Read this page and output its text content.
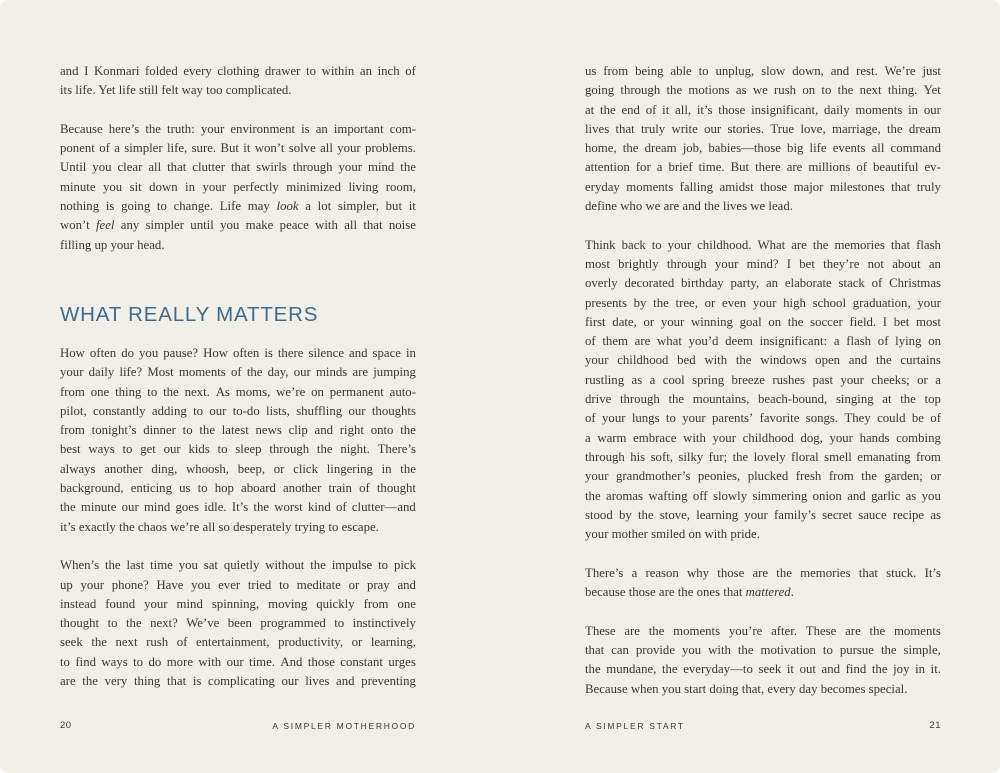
and I Konmari folded every clothing drawer to within an inch of
its life. Yet life still felt way too complicated.
Because here’s the truth: your environment is an important com-
ponent of a simpler life, sure. But it won’t solve all your problems.
Until you clear all that clutter that swirls through your mind the
minute you sit down in your perfectly minimized living room,
nothing is going to change. Life may look a lot simpler, but it
won’t feel any simpler until you make peace with all that noise
filling up your head.
WHAT REALLY MATTERS
How often do you pause? How often is there silence and space in
your daily life? Most moments of the day, our minds are jumping
from one thing to the next. As moms, we’re on permanent auto-
pilot, constantly adding to our to-do lists, shuffling our thoughts
from tonight’s dinner to the latest news clip and right onto the
best ways to get our kids to sleep through the night. There’s
always another ding, whoosh, beep, or click lingering in the
background, enticing us to hop aboard another train of thought
the minute our mind goes idle. It’s the worst kind of clutter—and
it’s exactly the chaos we’re all so desperately trying to escape.
When’s the last time you sat quietly without the impulse to pick
up your phone? Have you ever tried to meditate or pray and
instead found your mind spinning, moving quickly from one
thought to the next? We’ve been programmed to instinctively
seek the next rush of entertainment, productivity, or learning,
to find ways to do more with our time. And those constant urges
are the very thing that is complicating our lives and preventing
us from being able to unplug, slow down, and rest. We’re just
going through the motions as we rush on to the next thing. Yet
at the end of it all, it’s those insignificant, daily moments in our
lives that truly write our stories. True love, marriage, the dream
home, the dream job, babies—those big life events all command
attention for a brief time. But there are millions of beautiful ev-
eryday moments falling amidst those major milestones that truly
define who we are and the lives we lead.
Think back to your childhood. What are the memories that flash
most brightly through your mind? I bet they’re not about an
overly decorated birthday party, an elaborate stack of Christmas
presents by the tree, or even your high school graduation, your
first date, or your winning goal on the soccer field. I bet most
of them are what you’d deem insignificant: a flash of lying on
your childhood bed with the windows open and the curtains
rustling as a cool spring breeze rushes past your cheeks; or a
drive through the mountains, beach-bound, singing at the top
of your lungs to your parents’ favorite songs. They could be of
a warm embrace with your childhood dog, your hands combing
through his soft, silky fur; the lovely floral smell emanating from
your grandmother’s peonies, plucked fresh from the garden; or
the aromas wafting off slowly simmering onion and garlic as you
stood by the stove, learning your family’s secret sauce recipe as
your mother smiled on with pride.
There’s a reason why those are the memories that stuck. It’s
because those are the ones that mattered.
These are the moments you’re after. These are the moments
that can provide you with the motivation to pursue the simple,
the mundane, the everyday—to seek it out and find the joy in it.
Because when you start doing that, every day becomes special.
20	A SIMPLER MOTHERHOOD	A SIMPLER START	21
